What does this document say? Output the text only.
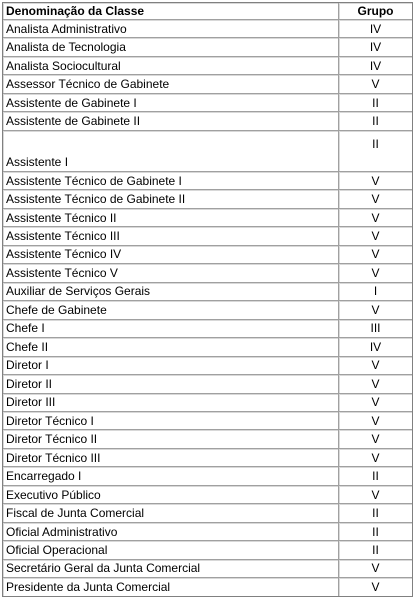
Denominação da Classe	Grupo
Analista Administrativo	IV
Analista de Tecnologia	IV
Analista Sociocultural	IV
Assessor Técnico de Gabinete	V
Assistente de Gabinete I	II
Assistente de Gabinete II	II
Assistente I	II
Assistente Técnico de Gabinete I	V
Assistente Técnico de Gabinete II	V
Assistente Técnico II	V
Assistente Técnico III	V
Assistente Técnico IV	V
Assistente Técnico V	V
Auxiliar de Serviços Gerais	I
Chefe de Gabinete	V
Chefe I	III
Chefe II	IV
Diretor I	V
Diretor II	V
Diretor III	V
Diretor Técnico I	V
Diretor Técnico II	V
Diretor Técnico III	V
Encarregado I	II
Executivo Público	V
Fiscal de Junta Comercial	II
Oficial Administrativo	II
Oficial Operacional	II
Secretário Geral da Junta Comercial	V
Presidente da Junta Comercial	V
